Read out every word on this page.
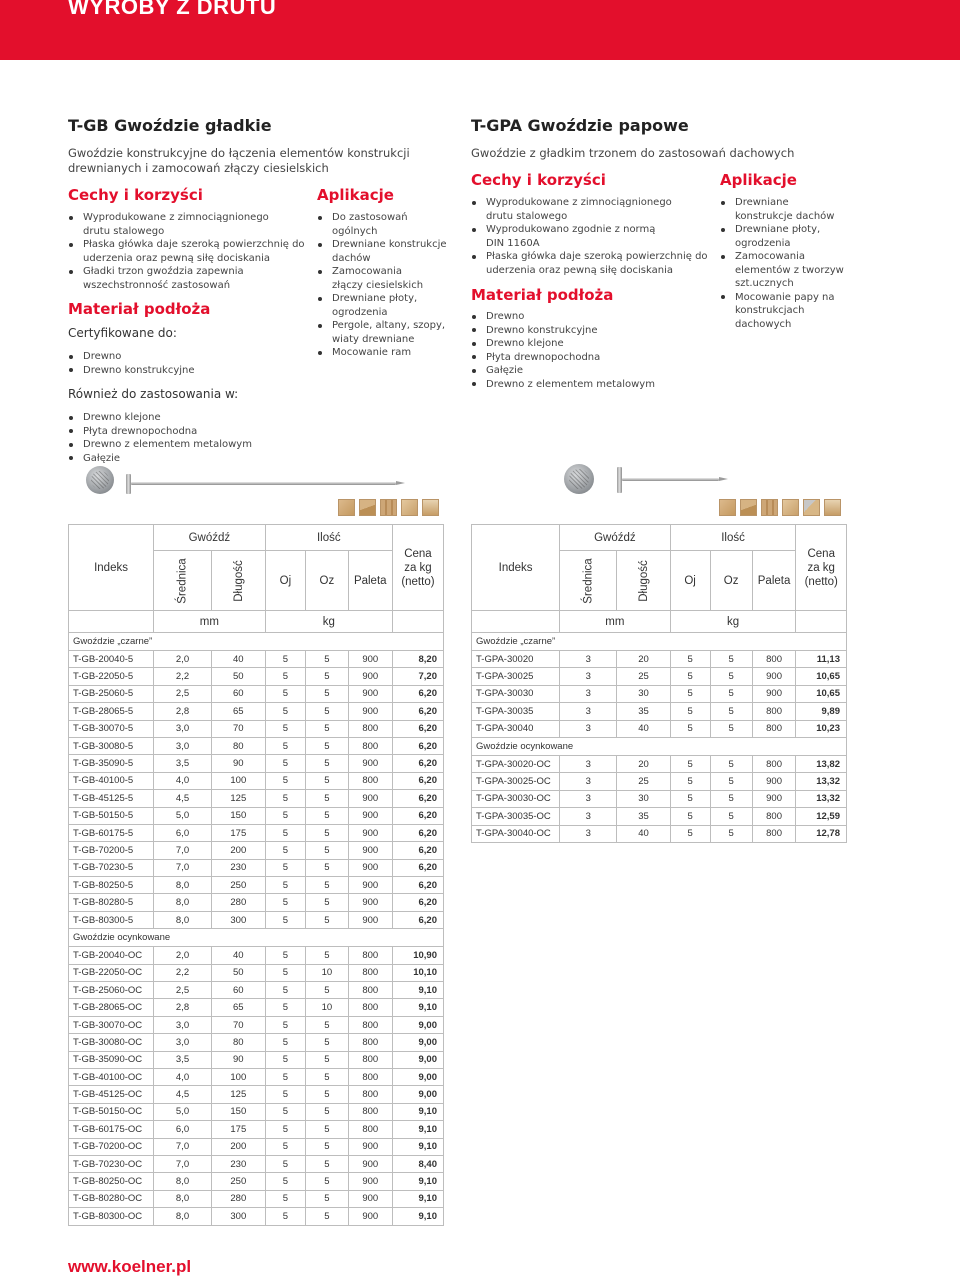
WYROBY Z DRUTU

T-GB Gwoździe gładkie

Gwoździe konstrukcyjne do łączenia elementów konstrukcji

drewnianych i zamocowań złączy ciesielskich

Cechy i korzyści

Wyprodukowane z zimnociągnionego drutu stalowego
Płaska główka daje szeroką powierzchnię do uderzenia oraz pewną siłę dociskania
Gładki trzon gwoździa zapewnia wszechstronność zastosowań

Materiał podłoża

Certyfikowane do:

Drewno
Drewno konstrukcyjne

Również do zastosowania w:

Drewno klejone
Płyta drewnopochodna
Drewno z elementem metalowym
Gałęzie

Aplikacje

Do zastosowań ogólnych
Drewniane konstrukcje dachów
Zamocowania złączy ciesielskich
Drewniane płoty, ogrodzenia
Pergole, altany, szopy, wiaty drewniane
Mocowanie ram

T-GPA Gwoździe papowe

Gwoździe z gładkim trzonem do zastosowań dachowych

Cechy i korzyści

Wyprodukowane z zimnociągnionego drutu stalowego
Wyprodukowano zgodnie z normą DIN 1160A
Płaska główka daje szeroką powierzchnię do uderzenia oraz pewną siłę dociskania

Materiał podłoża

Drewno
Drewno konstrukcyjne
Drewno klejone
Płyta drewnopochodna
Gałęzie
Drewno z elementem metalowym

Aplikacje

Drewniane konstrukcje dachów
Drewniane płoty, ogrodzenia
Zamocowania elementów z tworzyw szt.ucznych
Mocowanie papy na konstrukcjach dachowych
Indeks	Gwóźdź		Ilość			Cena
za kg
(netto)
	Średnica	Długość	Oj	Oz	Paleta	
	mm		kg			
Gwoździe „czarne”						
T-GB-20040-5	2,0	40	5	5	900	8,20
T-GB-22050-5	2,2	50	5	5	900	7,20
T-GB-25060-5	2,5	60	5	5	900	6,20
T-GB-28065-5	2,8	65	5	5	900	6,20
T-GB-30070-5	3,0	70	5	5	800	6,20
T-GB-30080-5	3,0	80	5	5	800	6,20
T-GB-35090-5	3,5	90	5	5	900	6,20
T-GB-40100-5	4,0	100	5	5	800	6,20
T-GB-45125-5	4,5	125	5	5	900	6,20
T-GB-50150-5	5,0	150	5	5	900	6,20
T-GB-60175-5	6,0	175	5	5	900	6,20
T-GB-70200-5	7,0	200	5	5	900	6,20
T-GB-70230-5	7,0	230	5	5	900	6,20
T-GB-80250-5	8,0	250	5	5	900	6,20
T-GB-80280-5	8,0	280	5	5	900	6,20
T-GB-80300-5	8,0	300	5	5	900	6,20
Gwoździe ocynkowane						
T-GB-20040-OC	2,0	40	5	5	800	10,90
T-GB-22050-OC	2,2	50	5	10	800	10,10
T-GB-25060-OC	2,5	60	5	5	800	9,10
T-GB-28065-OC	2,8	65	5	10	800	9,10
T-GB-30070-OC	3,0	70	5	5	800	9,00
T-GB-30080-OC	3,0	80	5	5	800	9,00
T-GB-35090-OC	3,5	90	5	5	800	9,00
T-GB-40100-OC	4,0	100	5	5	800	9,00
T-GB-45125-OC	4,5	125	5	5	800	9,00
T-GB-50150-OC	5,0	150	5	5	800	9,10
T-GB-60175-OC	6,0	175	5	5	800	9,10
T-GB-70200-OC	7,0	200	5	5	900	9,10
T-GB-70230-OC	7,0	230	5	5	900	8,40
T-GB-80250-OC	8,0	250	5	5	900	9,10
T-GB-80280-OC	8,0	280	5	5	900	9,10
T-GB-80300-OC	8,0	300	5	5	900	9,10
Indeks	Gwóźdź		Ilość			Cena
za kg
(netto)
	Średnica	Długość	Oj	Oz	Paleta	
	mm		kg			
Gwoździe „czarne”						
T-GPA-30020	3	20	5	5	800	11,13
T-GPA-30025	3	25	5	5	900	10,65
T-GPA-30030	3	30	5	5	900	10,65
T-GPA-30035	3	35	5	5	800	9,89
T-GPA-30040	3	40	5	5	800	10,23
Gwoździe ocynkowane						
T-GPA-30020-OC	3	20	5	5	800	13,82
T-GPA-30025-OC	3	25	5	5	900	13,32
T-GPA-30030-OC	3	30	5	5	900	13,32
T-GPA-30035-OC	3	35	5	5	800	12,59
T-GPA-30040-OC	3	40	5	5	800	12,78
www.koelner.pl
